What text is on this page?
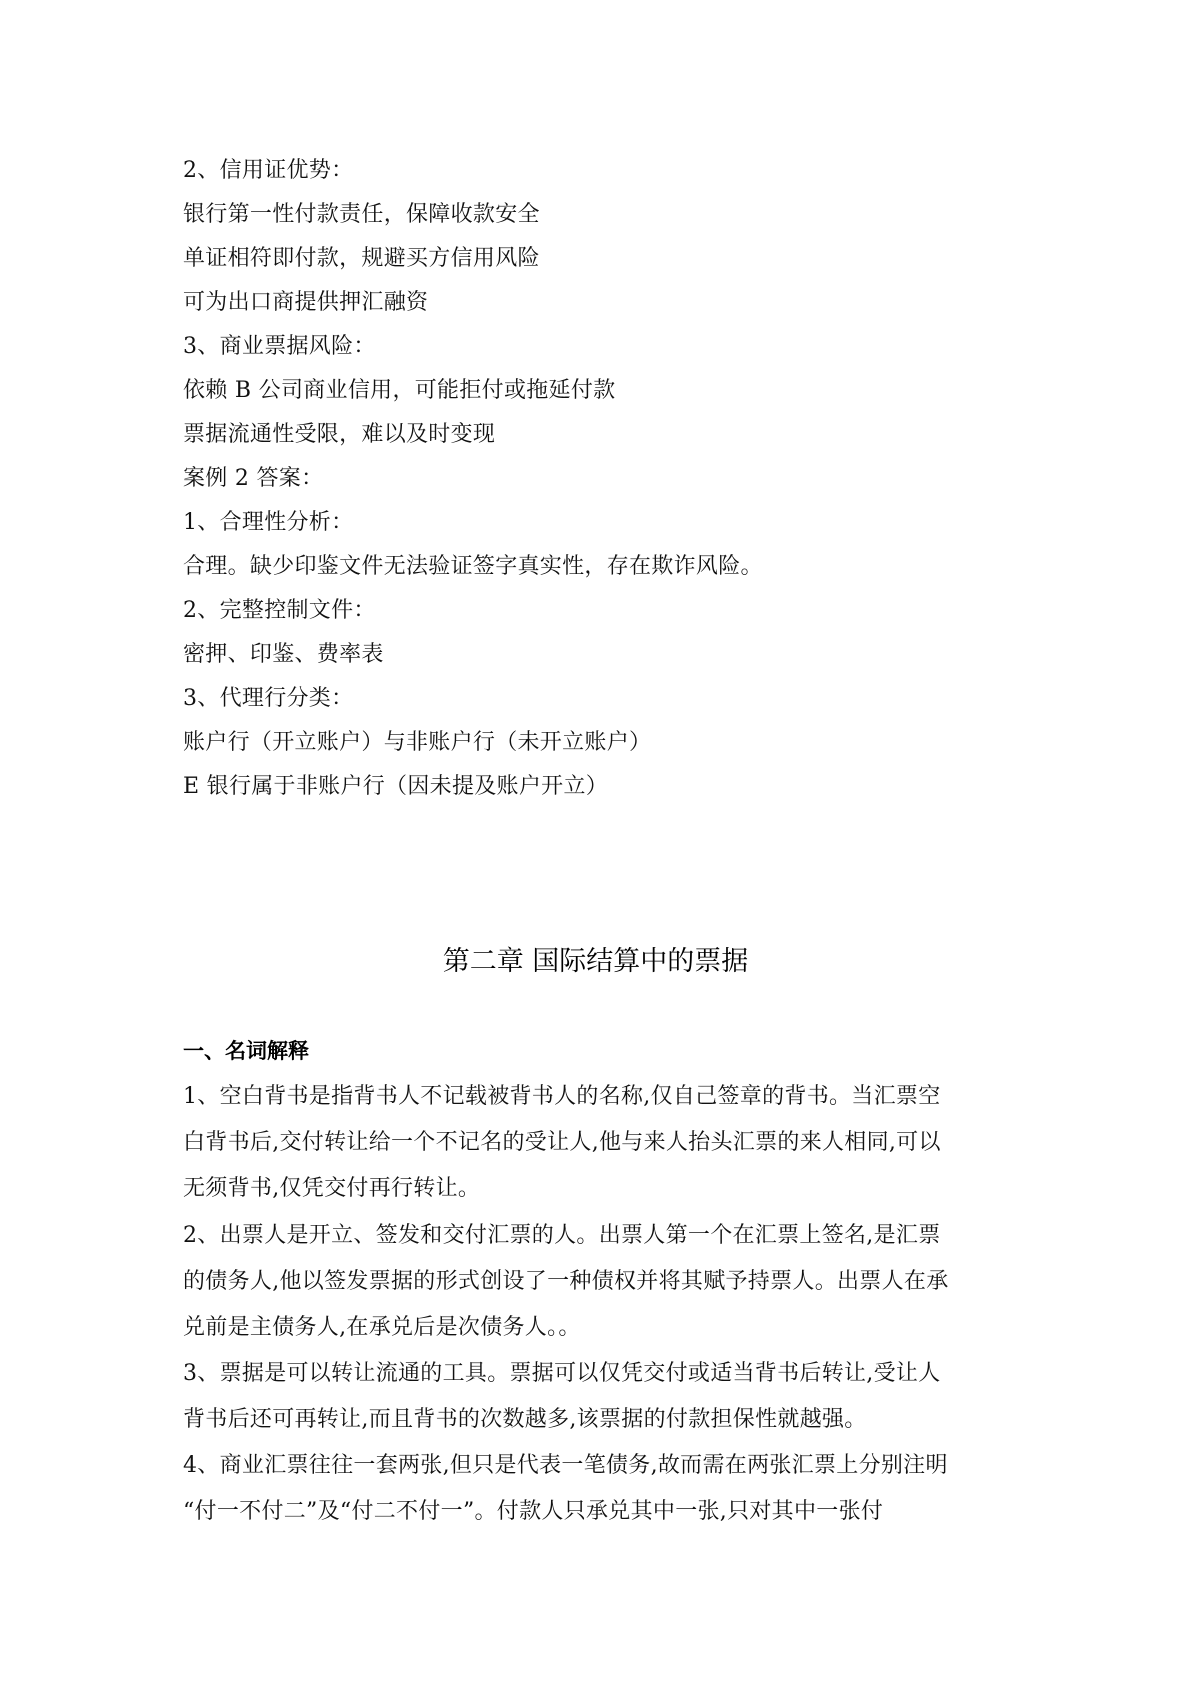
2、信用证优势：
银行第一性付款责任，保障收款安全
单证相符即付款，规避买方信用风险
可为出口商提供押汇融资
3、商业票据风险：
依赖 B 公司商业信用，可能拒付或拖延付款
票据流通性受限，难以及时变现
案例 2 答案：
1、合理性分析：
合理。缺少印鉴文件无法验证签字真实性，存在欺诈风险。
2、完整控制文件：
密押、印鉴、费率表
3、代理行分类：
账户行（开立账户）与非账户行（未开立账户）
E 银行属于非账户行（因未提及账户开立）
第二章 国际结算中的票据
一、名词解释
1、空白背书是指背书人不记载被背书人的名称,仅自己签章的背书。当汇票空
白背书后,交付转让给一个不记名的受让人,他与来人抬头汇票的来人相同,可以
无须背书,仅凭交付再行转让。
2、出票人是开立、签发和交付汇票的人。出票人第一个在汇票上签名,是汇票
的债务人,他以签发票据的形式创设了一种债权并将其赋予持票人。出票人在承
兑前是主债务人,在承兑后是次债务人。。
3、票据是可以转让流通的工具。票据可以仅凭交付或适当背书后转让,受让人
背书后还可再转让,而且背书的次数越多,该票据的付款担保性就越强。
4、商业汇票往往一套两张,但只是代表一笔债务,故而需在两张汇票上分别注明
“付一不付二”及“付二不付一”。付款人只承兑其中一张,只对其中一张付
